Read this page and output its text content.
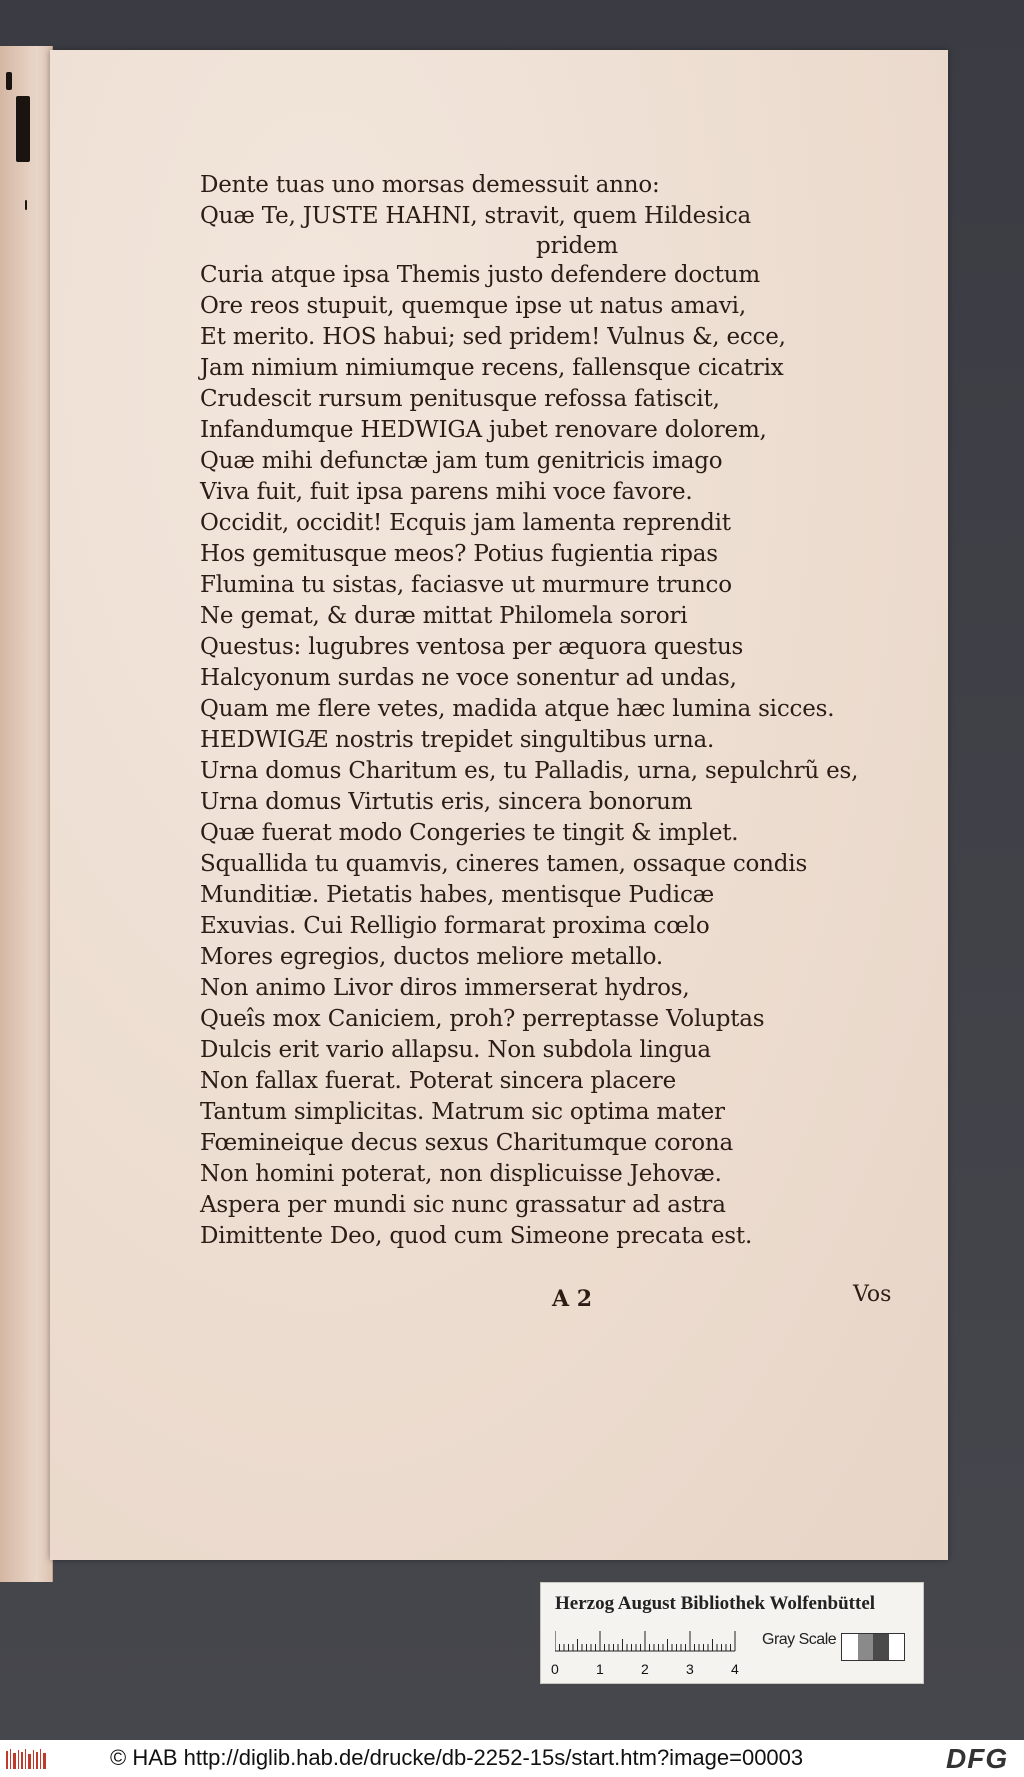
Dente tuas uno morsas demessuit anno:
Quæ Te, JUSTE HAHNI, stravit, quem Hildesica
pridem
Curia atque ipsa Themis justo defendere doctum
Ore reos stupuit, quemque ipse ut natus amavi,
Et merito. HOS habui; sed pridem! Vulnus &, ecce,
Jam nimium nimiumque recens, fallensque cicatrix
Crudescit rursum penitusque refossa fatiscit,
Infandumque HEDWIGA jubet renovare dolorem,
Quæ mihi defunctæ jam tum genitricis imago
Viva fuit, fuit ipsa parens mihi voce favore.
Occidit, occidit! Ecquis jam lamenta reprendit
Hos gemitusque meos? Potius fugientia ripas
Flumina tu sistas, faciasve ut murmure trunco
Ne gemat, & duræ mittat Philomela sorori
Questus: lugubres ventosa per æquora questus
Halcyonum surdas ne voce sonentur ad undas,
Quam me flere vetes, madida atque hæc lumina sicces.
HEDWIGÆ nostris trepidet singultibus urna.
Urna domus Charitum es, tu Palladis, urna, sepulchrũ es,
Urna domus Virtutis eris, sincera bonorum
Quæ fuerat modo Congeries te tingit & implet.
Squallida tu quamvis, cineres tamen, ossaque condis
Munditiæ. Pietatis habes, mentisque Pudicæ
Exuvias. Cui Relligio formarat proxima cœlo
Mores egregios, ductos meliore metallo.
Non animo Livor diros immerserat hydros,
Queîs mox Caniciem, proh? perreptasse Voluptas
Dulcis erit vario allapsu. Non subdola lingua
Non fallax fuerat. Poterat sincera placere
Tantum simplicitas. Matrum sic optima mater
Fœmineique decus sexus Charitumque corona
Non homini poterat, non displicuisse Jehovæ.
Aspera per mundi sic nunc grassatur ad astra
Dimittente Deo, quod cum Simeone precata est.
A 2	Vos
Herzog August Bibliothek Wolfenbüttel
0	1	2	3	4
Gray Scale
© HAB http://diglib.hab.de/drucke/db-2252-15s/start.htm?image=00003	DFG
